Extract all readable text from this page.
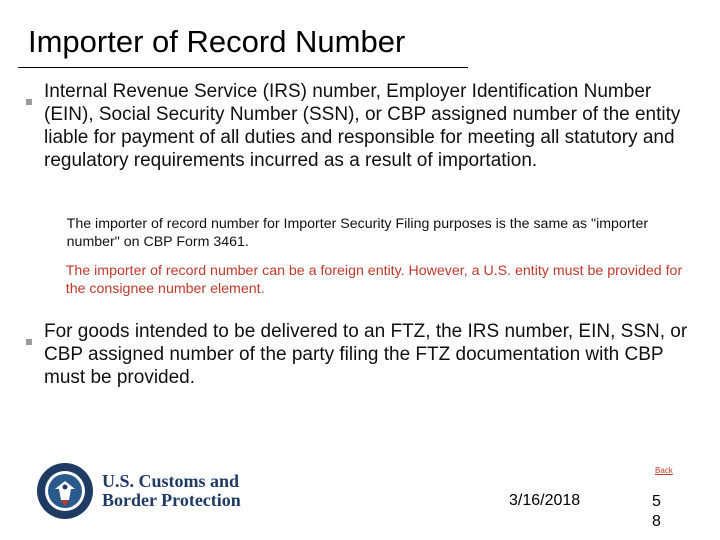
Importer of Record Number
Internal Revenue Service (IRS) number, Employer Identification Number (EIN), Social Security Number (SSN), or CBP assigned number of the entity liable for payment of all duties and responsible for meeting all statutory and regulatory requirements incurred as a result of importation.
The importer of record number for Importer Security Filing purposes is the same as "importer number" on CBP Form 3461.
The importer of record number can be a foreign entity. However, a U.S. entity must be provided for the consignee number element.
For goods intended to be delivered to an FTZ, the IRS number, EIN, SSN, or CBP assigned number of the party filing the FTZ documentation with CBP must be provided.
Back
U.S. Customs and
Border Protection	3/16/2018	5
8
